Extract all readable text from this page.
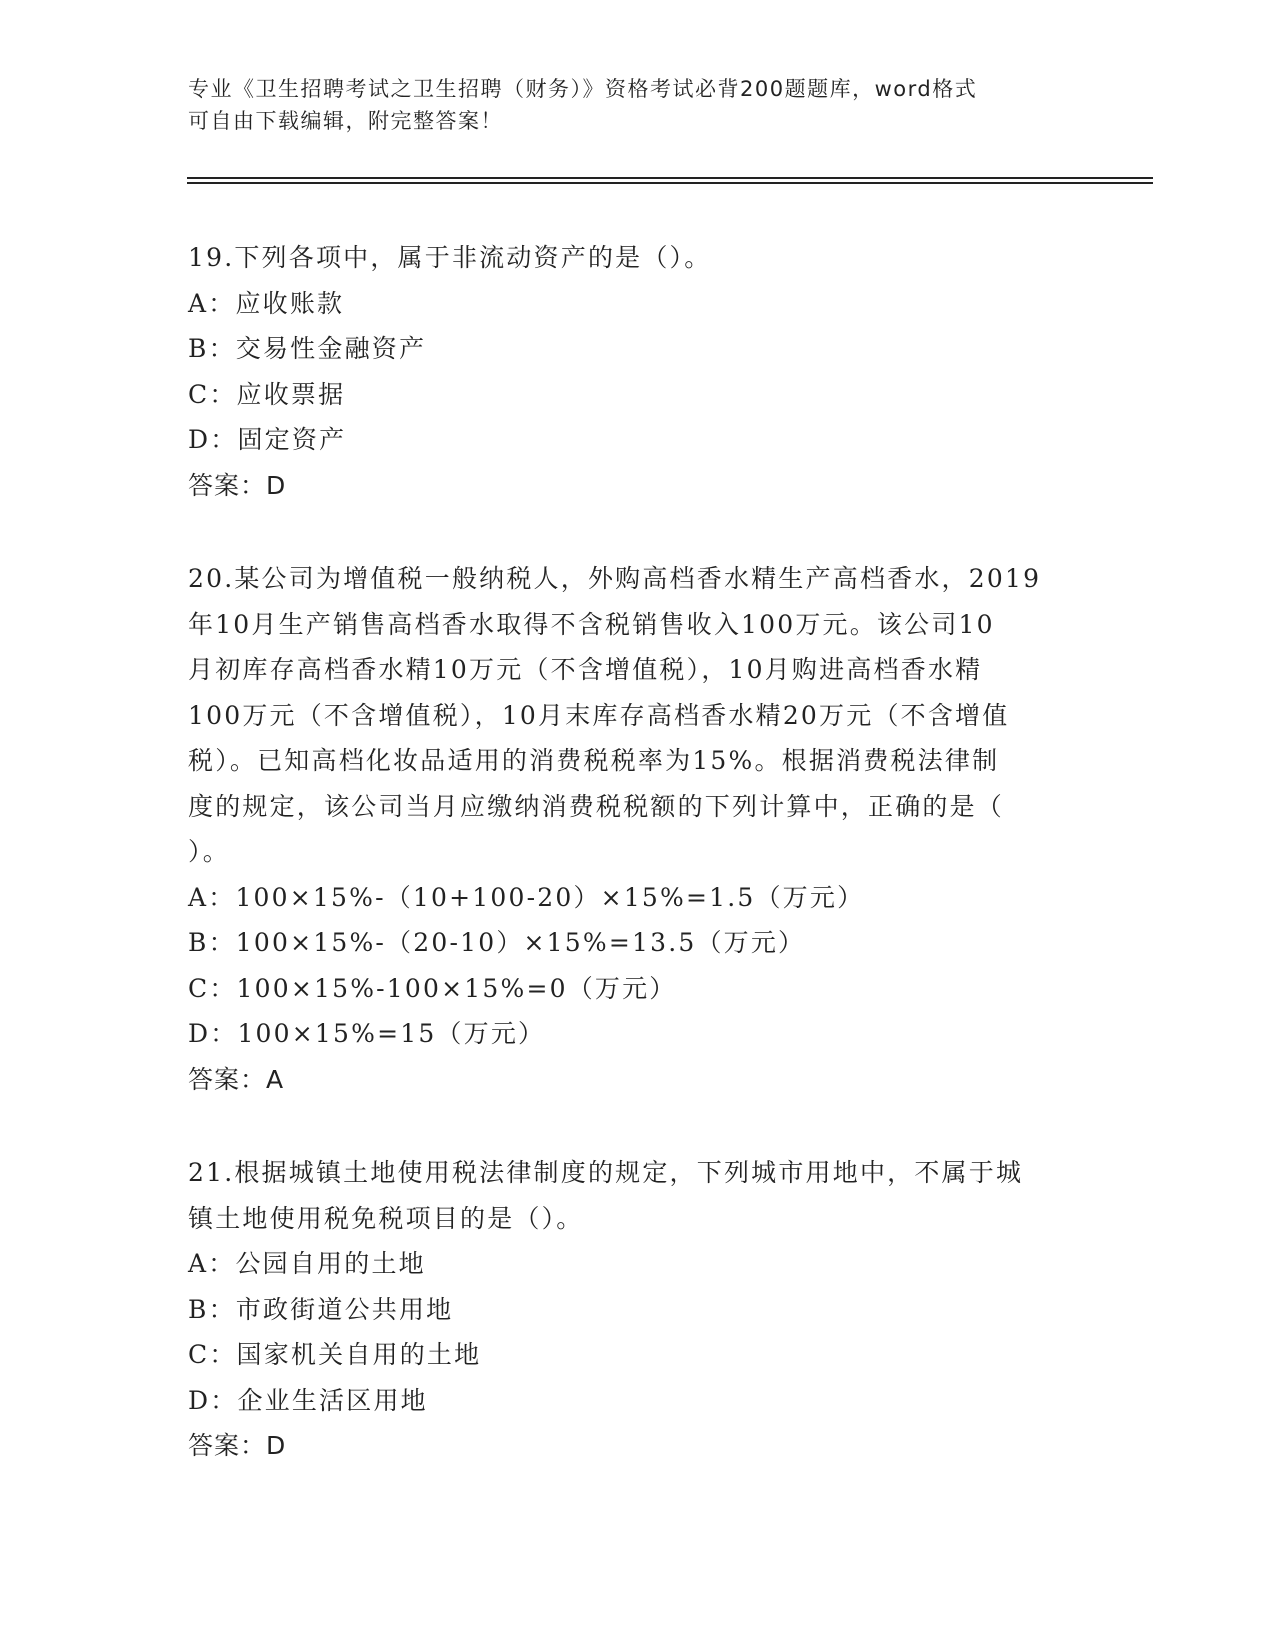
专业《卫生招聘考试之卫生招聘（财务）》资格考试必背200题题库，word格式
可自由下载编辑，附完整答案！

19.下列各项中，属于非流动资产的是（）。

A：应收账款

B：交易性金融资产

C：应收票据

D：固定资产

答案：D

20.某公司为增值税一般纳税人，外购高档香水精生产高档香水，2019

年10月生产销售高档香水取得不含税销售收入100万元。该公司10

月初库存高档香水精10万元（不含增值税），10月购进高档香水精

100万元（不含增值税），10月末库存高档香水精20万元（不含增值

税）。已知高档化妆品适用的消费税税率为15%。根据消费税法律制

度的规定，该公司当月应缴纳消费税税额的下列计算中，正确的是（

）。

A：100×15%-（10+100-20）×15%=1.5（万元）

B：100×15%-（20-10）×15%=13.5（万元）

C：100×15%-100×15%=0（万元）

D：100×15%=15（万元）

答案：A

21.根据城镇土地使用税法律制度的规定，下列城市用地中，不属于城

镇土地使用税免税项目的是（）。

A：公园自用的土地

B：市政街道公共用地

C：国家机关自用的土地

D：企业生活区用地

答案：D
